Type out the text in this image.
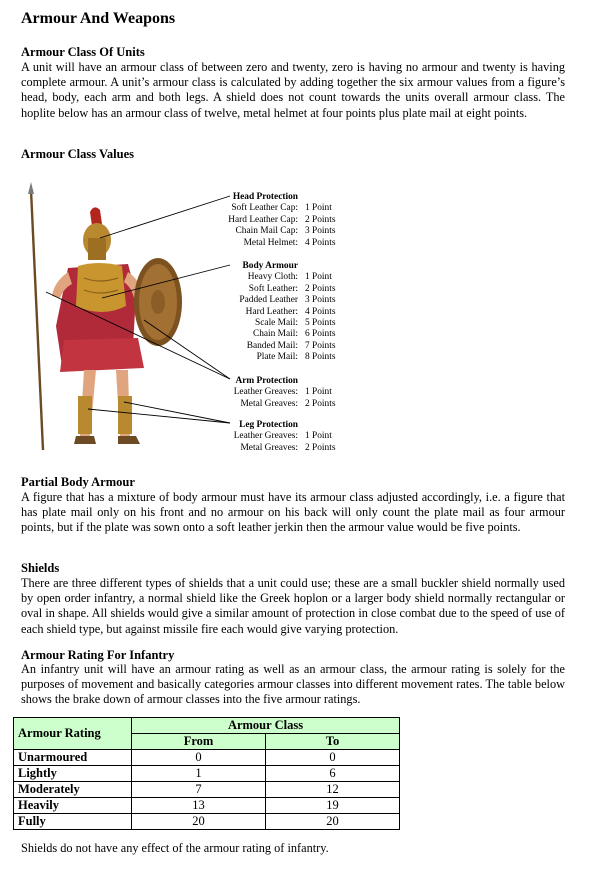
Armour And Weapons
Armour Class Of Units

A unit will have an armour class of between zero and twenty, zero is having no armour and twenty is having complete armour. A unit’s armour class is calculated by adding together the six armour values from a figure’s head, body, each arm and both legs. A shield does not count towards the units overall armour class. The hoplite below has an armour class of twelve, metal helmet at four points plus plate mail at eight points.

Armour Class Values
Head Protection
Soft Leather Cap: 1 Point
Hard Leather Cap: 2 Points
Chain Mail Cap: 3 Points
Metal Helmet: 4 Points
Body Armour
Heavy Cloth: 1 Point
Soft Leather: 2 Points
Padded Leather 3 Points
Hard Leather: 4 Points
Scale Mail: 5 Points
Chain Mail: 6 Points
Banded Mail: 7 Points
Plate Mail: 8 Points
Arm Protection
Leather Greaves: 1 Point
Metal Greaves: 2 Points
Leg Protection
Leather Greaves: 1 Point
Metal Greaves: 2 Points
Partial Body Armour

A figure that has a mixture of body armour must have its armour class adjusted accordingly, i.e. a figure that has plate mail only on his front and no armour on his back will only count the plate mail as four armour points, but if the plate was sown onto a soft leather jerkin then the armour value would be five points.

Shields

There are three different types of shields that a unit could use; these are a small buckler shield normally used by open order infantry, a normal shield like the Greek hoplon or a larger body shield normally rectangular or oval in shape. All shields would give a similar amount of protection in close combat due to the speed of use of each shield type, but against missile fire each would give varying protection.

Armour Rating For Infantry

An infantry unit will have an armour rating as well as an armour class, the armour rating is solely for the purposes of movement and basically categories armour classes into different movement rates. The table below shows the brake down of armour classes into the five armour ratings.

Armour Rating	Armour Class	
	From	To
Unarmoured	0	0
Lightly	1	6
Moderately	7	12
Heavily	13	19
Fully	20	20

Shields do not have any effect of the armour rating of infantry.
